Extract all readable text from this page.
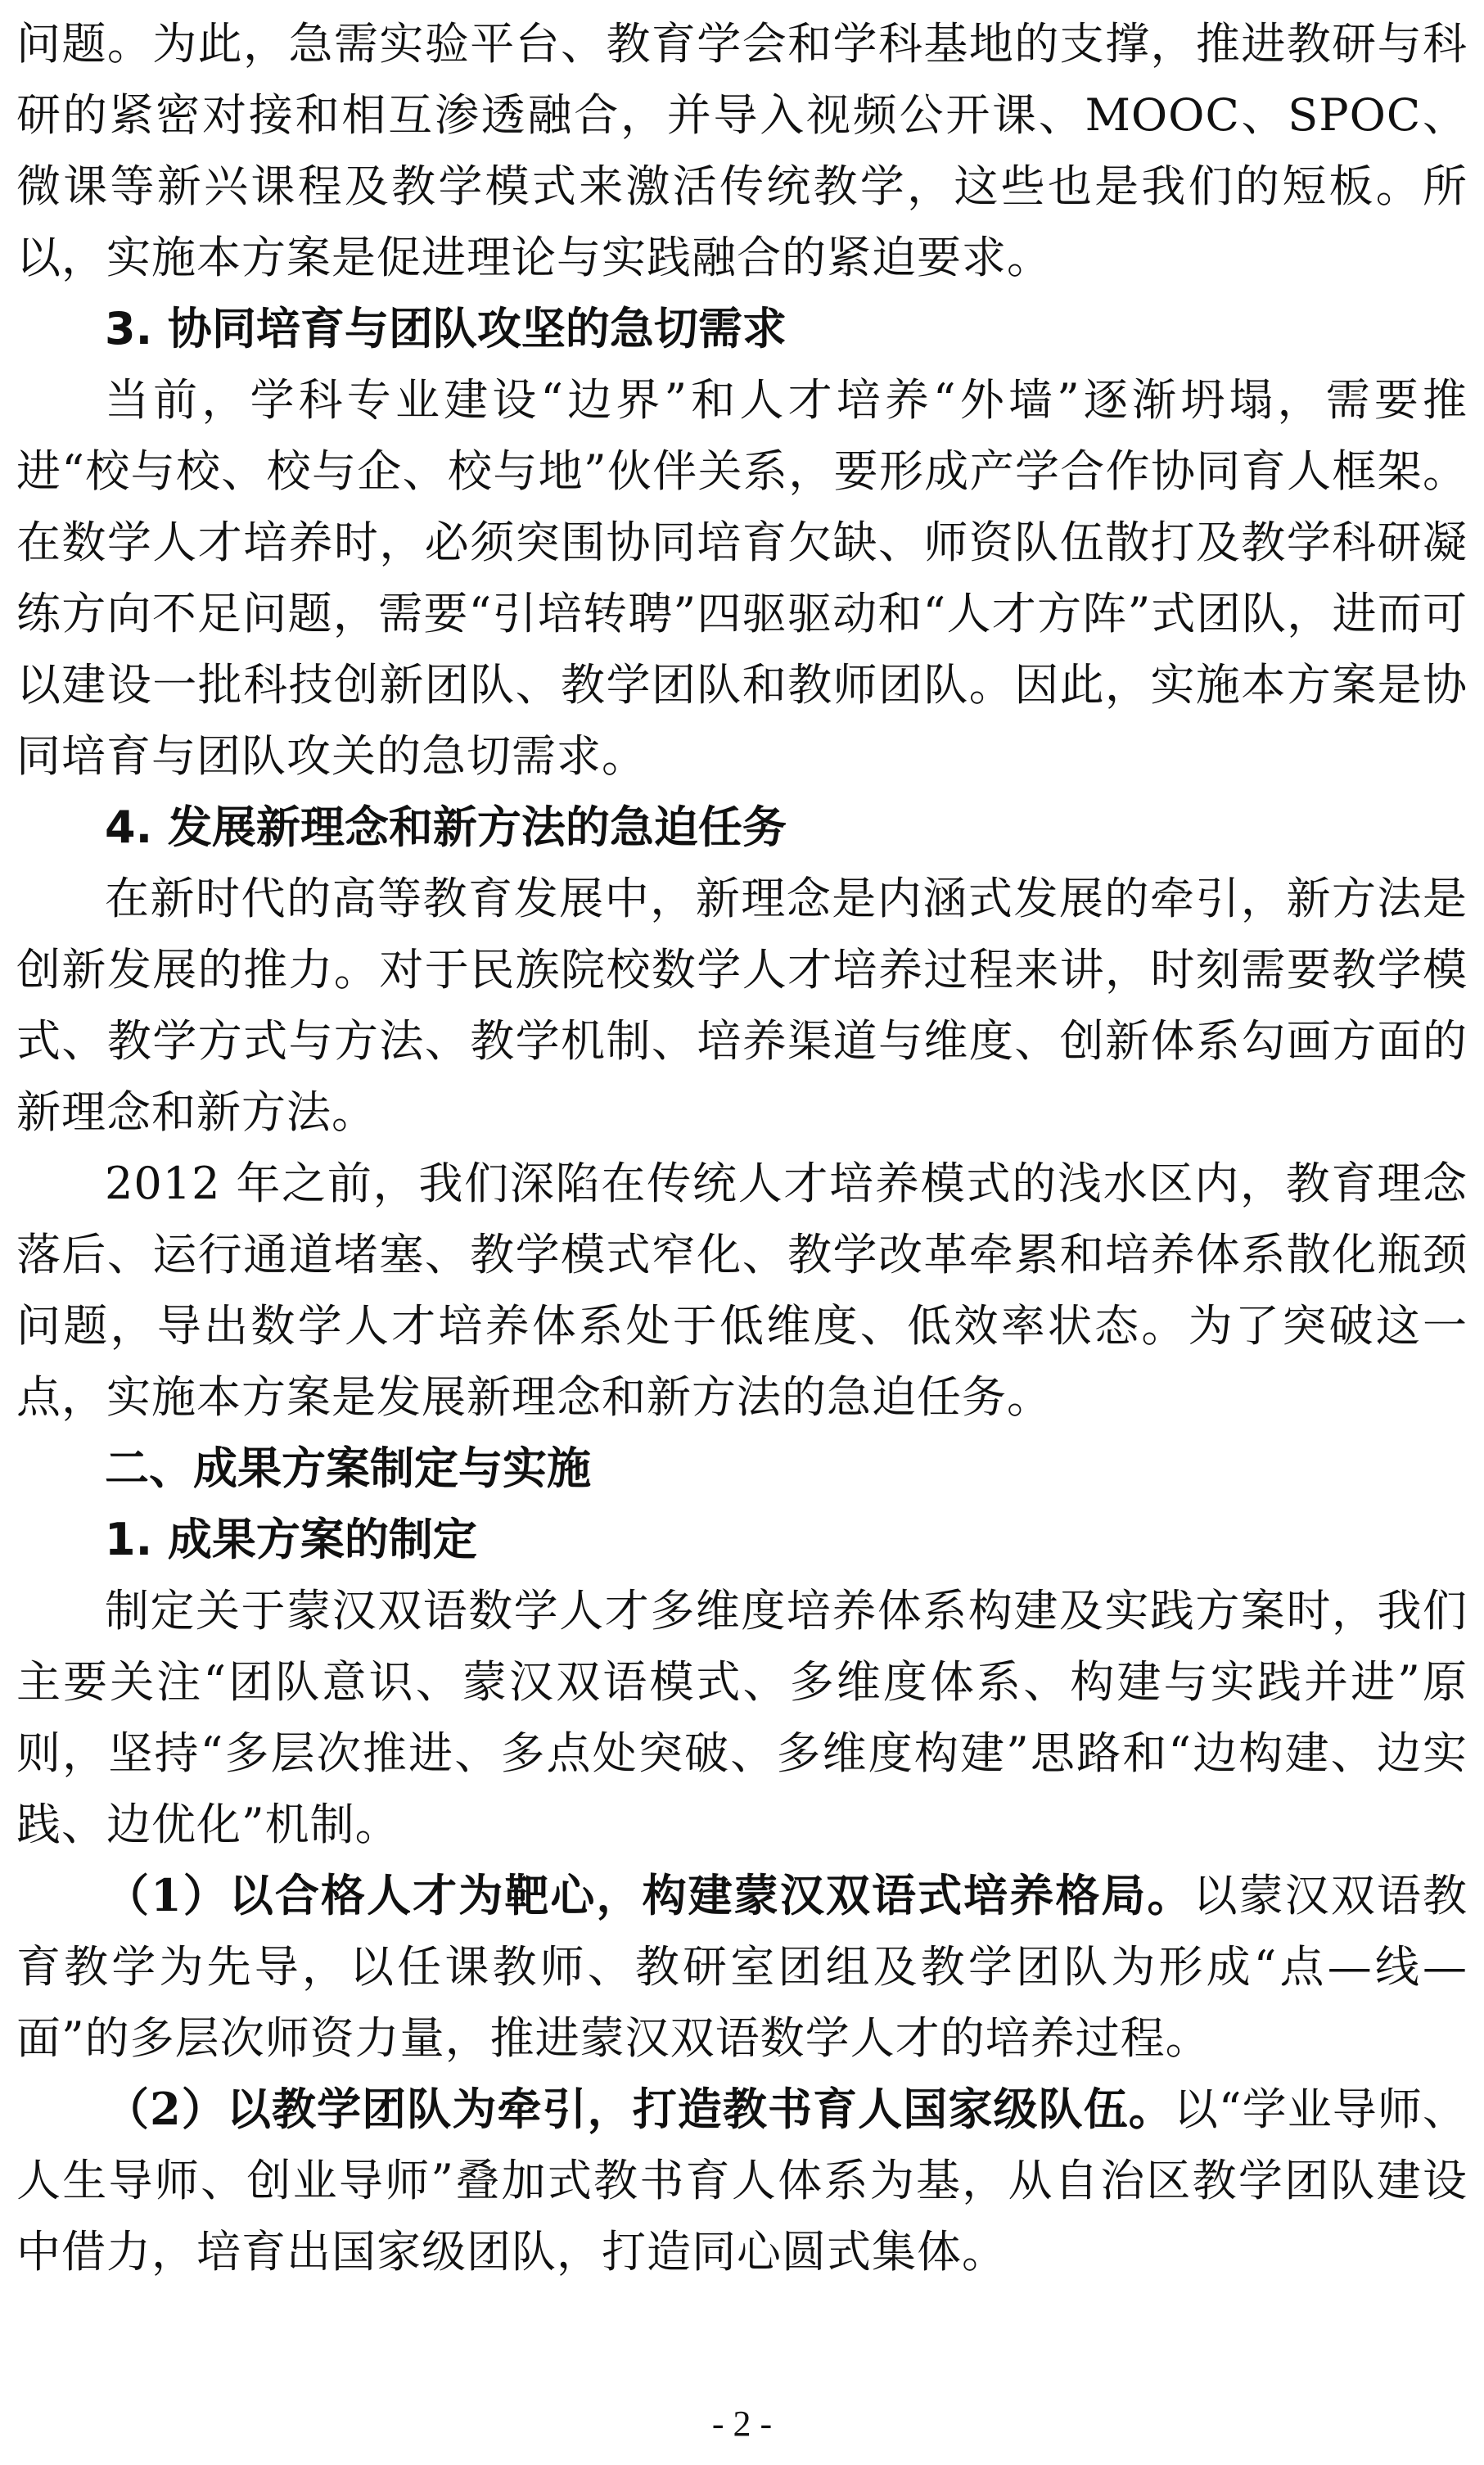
问题。为此，急需实验平台、教育学会和学科基地的支撑，推进教研与科研的紧密对接和相互渗透融合，并导入视频公开课、MOOC、SPOC、微课等新兴课程及教学模式来激活传统教学，这些也是我们的短板。所以，实施本方案是促进理论与实践融合的紧迫要求。

3. 协同培育与团队攻坚的急切需求

当前，学科专业建设“边界”和人才培养“外墙”逐渐坍塌，需要推进“校与校、校与企、校与地”伙伴关系，要形成产学合作协同育人框架。在数学人才培养时，必须突围协同培育欠缺、师资队伍散打及教学科研凝练方向不足问题，需要“引培转聘”四驱驱动和“人才方阵”式团队，进而可以建设一批科技创新团队、教学团队和教师团队。因此，实施本方案是协同培育与团队攻关的急切需求。

4. 发展新理念和新方法的急迫任务

在新时代的高等教育发展中，新理念是内涵式发展的牵引，新方法是创新发展的推力。对于民族院校数学人才培养过程来讲，时刻需要教学模式、教学方式与方法、教学机制、培养渠道与维度、创新体系勾画方面的新理念和新方法。

2012 年之前，我们深陷在传统人才培养模式的浅水区内，教育理念落后、运行通道堵塞、教学模式窄化、教学改革牵累和培养体系散化瓶颈问题，导出数学人才培养体系处于低维度、低效率状态。为了突破这一点，实施本方案是发展新理念和新方法的急迫任务。

二、成果方案制定与实施
1. 成果方案的制定

制定关于蒙汉双语数学人才多维度培养体系构建及实践方案时，我们主要关注“团队意识、蒙汉双语模式、多维度体系、构建与实践并进”原则，坚持“多层次推进、多点处突破、多维度构建”思路和“边构建、边实践、边优化”机制。

（1）以合格人才为靶心，构建蒙汉双语式培养格局。以蒙汉双语教育教学为先导，以任课教师、教研室团组及教学团队为形成“点—线—面”的多层次师资力量，推进蒙汉双语数学人才的培养过程。

（2）以教学团队为牵引，打造教书育人国家级队伍。以“学业导师、人生导师、创业导师”叠加式教书育人体系为基，从自治区教学团队建设中借力，培育出国家级团队，打造同心圆式集体。

- 2 -
